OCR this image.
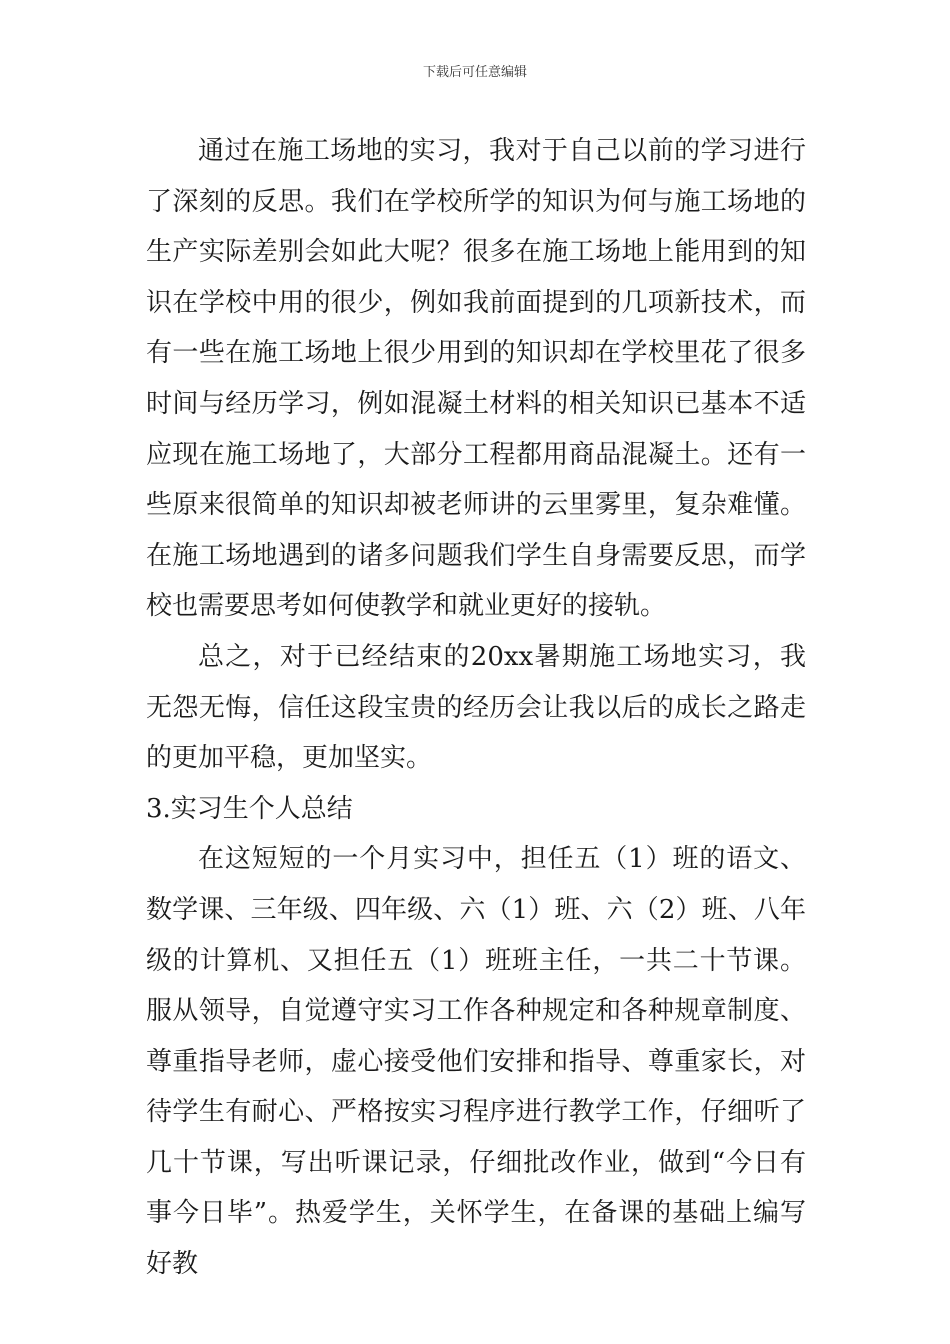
下载后可任意编辑

通过在施工场地的实习，我对于自己以前的学习进行了深刻的反思。我们在学校所学的知识为何与施工场地的生产实际差别会如此大呢？很多在施工场地上能用到的知识在学校中用的很少，例如我前面提到的几项新技术，而有一些在施工场地上很少用到的知识却在学校里花了很多时间与经历学习，例如混凝土材料的相关知识已基本不适应现在施工场地了，大部分工程都用商品混凝土。还有一些原来很简单的知识却被老师讲的云里雾里，复杂难懂。在施工场地遇到的诸多问题我们学生自身需要反思，而学校也需要思考如何使教学和就业更好的接轨。

总之，对于已经结束的20xx暑期施工场地实习，我无怨无悔，信任这段宝贵的经历会让我以后的成长之路走的更加平稳，更加坚实。

3.实习生个人总结

在这短短的一个月实习中，担任五（1）班的语文、数学课、三年级、四年级、六（1）班、六（2）班、八年级的计算机、又担任五（1）班班主任，一共二十节课。服从领导，自觉遵守实习工作各种规定和各种规章制度、尊重指导老师，虚心接受他们安排和指导、尊重家长，对待学生有耐心、严格按实习程序进行教学工作，仔细听了几十节课，写出听课记录，仔细批改作业，做到“今日有事今日毕”。热爱学生，关怀学生，在备课的基础上编写好教
